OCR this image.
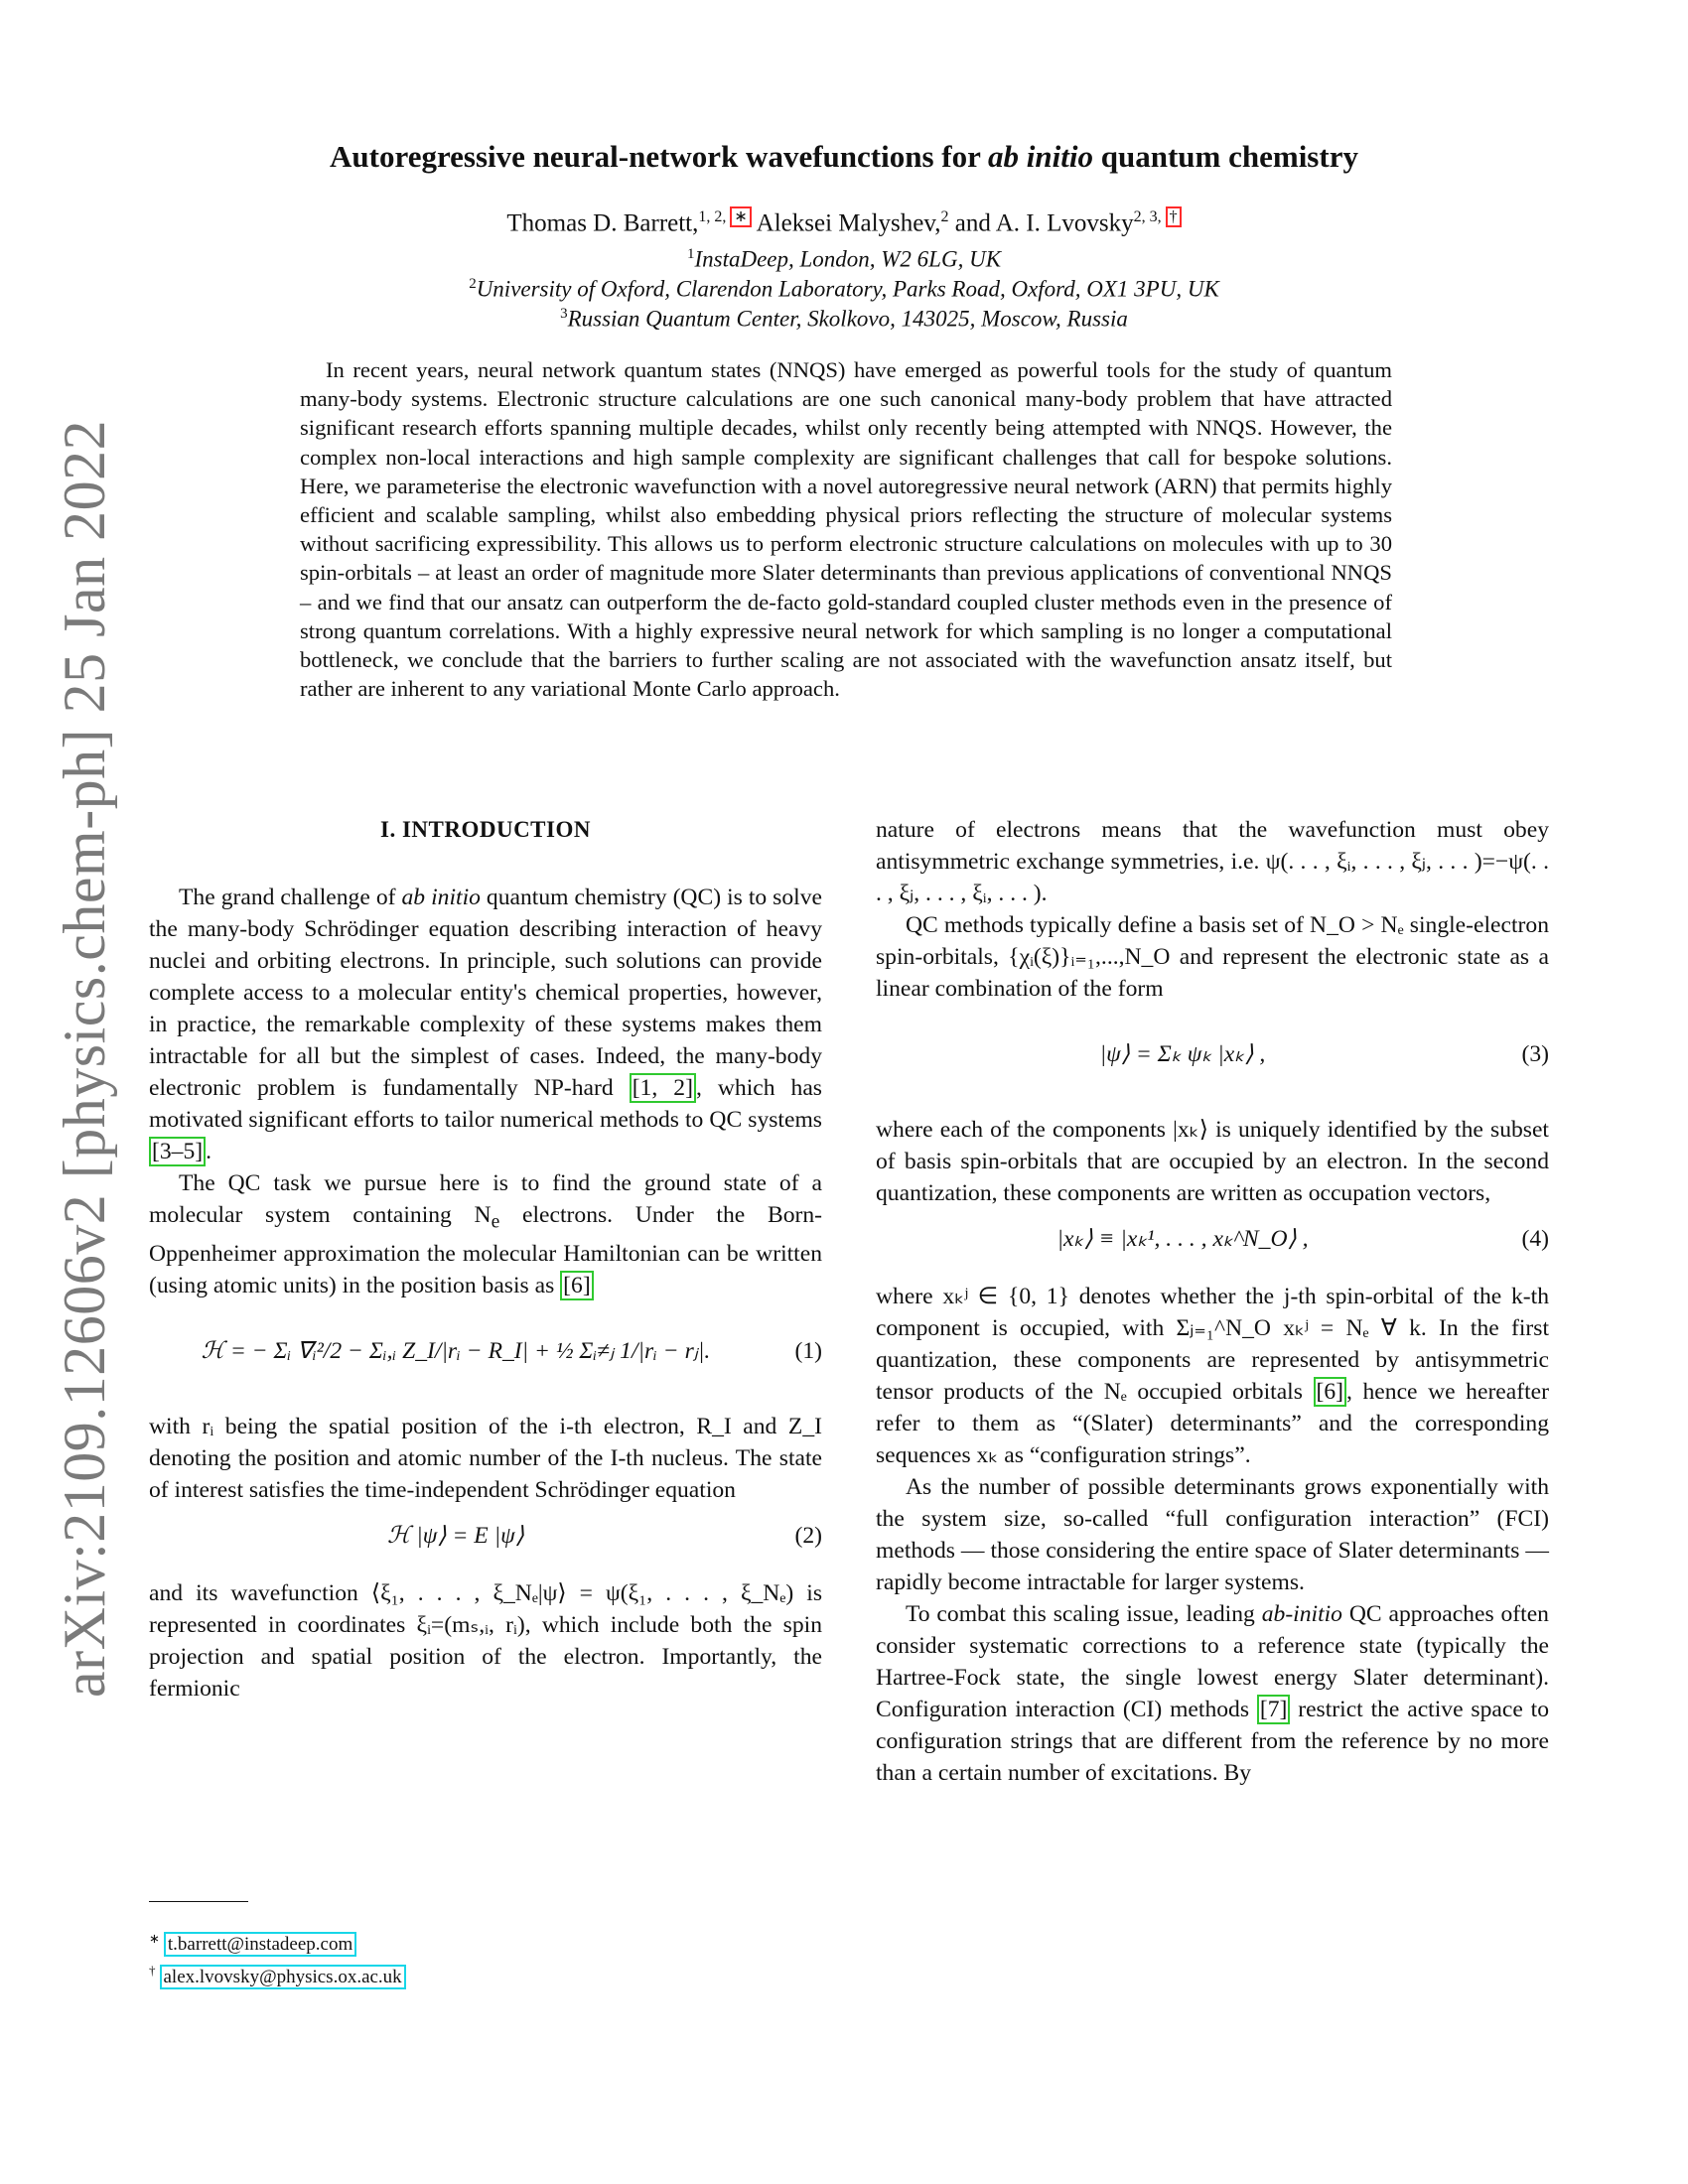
arXiv:2109.12606v2 [physics.chem-ph] 25 Jan 2022
Autoregressive neural-network wavefunctions for ab initio quantum chemistry
Thomas D. Barrett,$^{1, 2,}$ ∗ Aleksei Malyshev,$^2$ and A. I. Lvovsky$^{2, 3,}$ †
$^1$InstaDeep, London, W2 6LG, UK
$^2$University of Oxford, Clarendon Laboratory, Parks Road, Oxford, OX1 3PU, UK
$^3$Russian Quantum Center, Skolkovo, 143025, Moscow, Russia
In recent years, neural network quantum states (NNQS) have emerged as powerful tools for the study of quantum many-body systems. Electronic structure calculations are one such canonical many-body problem that have attracted significant research efforts spanning multiple decades, whilst only recently being attempted with NNQS. However, the complex non-local interactions and high sample complexity are significant challenges that call for bespoke solutions. Here, we parameterise the electronic wavefunction with a novel autoregressive neural network (ARN) that permits highly efficient and scalable sampling, whilst also embedding physical priors reflecting the structure of molecular systems without sacrificing expressibility. This allows us to perform electronic structure calculations on molecules with up to 30 spin-orbitals – at least an order of magnitude more Slater determinants than previous applications of conventional NNQS – and we find that our ansatz can outperform the de-facto gold-standard coupled cluster methods even in the presence of strong quantum correlations. With a highly expressive neural network for which sampling is no longer a computational bottleneck, we conclude that the barriers to further scaling are not associated with the wavefunction ansatz itself, but rather are inherent to any variational Monte Carlo approach.
I. INTRODUCTION

The grand challenge of ab initio quantum chemistry (QC) is to solve the many-body Schrödinger equation describing interaction of heavy nuclei and orbiting electrons. In principle, such solutions can provide complete access to a molecular entity's chemical properties, however, in practice, the remarkable complexity of these systems makes them intractable for all but the simplest of cases. Indeed, the many-body electronic problem is fundamentally NP-hard [1, 2] , which has motivated significant efforts to tailor numerical methods to QC systems [3–5] .

The QC task we pursue here is to find the ground state of a molecular system containing $N_e$ electrons. Under the Born-Oppenheimer approximation the molecular Hamiltonian can be written (using atomic units) in the position basis as [6]

ℋ = − Σᵢ ∇ᵢ²/2 − Σᵢ,ᵢ Z_I/|rᵢ − R_I| + ½ Σᵢ≠ⱼ 1/|rᵢ − rⱼ|.	(1)

with rᵢ being the spatial position of the i-th electron, R_I and Z_I denoting the position and atomic number of the I-th nucleus. The state of interest satisfies the time-independent Schrödinger equation

ℋ |ψ⟩ = E |ψ⟩	(2)

and its wavefunction ⟨ξ₁, . . . , ξ_Nₑ|ψ⟩ = ψ(ξ₁, . . . , ξ_Nₑ) is represented in coordinates ξᵢ=(mₛ,ᵢ, rᵢ), which include both the spin projection and spatial position of the electron. Importantly, the fermionic

nature of electrons means that the wavefunction must obey antisymmetric exchange symmetries, i.e. ψ(. . . , ξᵢ, . . . , ξⱼ, . . . )=−ψ(. . . , ξⱼ, . . . , ξᵢ, . . . ).

QC methods typically define a basis set of N_O > Nₑ single-electron spin-orbitals, {χᵢ(ξ)}ᵢ₌₁,...,N_O and represent the electronic state as a linear combination of the form

|ψ⟩ = Σₖ ψₖ |xₖ⟩ ,	(3)

where each of the components |xₖ⟩ is uniquely identified by the subset of basis spin-orbitals that are occupied by an electron. In the second quantization, these components are written as occupation vectors,

|xₖ⟩ ≡ |xₖ¹, . . . , xₖ^N_O⟩ ,	(4)

where xₖʲ ∈ {0, 1} denotes whether the j-th spin-orbital of the k-th component is occupied, with Σⱼ₌₁^N_O xₖʲ = Nₑ ∀ k. In the first quantization, these components are represented by antisymmetric tensor products of the Nₑ occupied orbitals [6] , hence we hereafter refer to them as “(Slater) determinants” and the corresponding sequences xₖ as “configuration strings”.

As the number of possible determinants grows exponentially with the system size, so-called “full configuration interaction” (FCI) methods — those considering the entire space of Slater determinants — rapidly become intractable for larger systems.

To combat this scaling issue, leading ab-initio QC approaches often consider systematic corrections to a reference state (typically the Hartree-Fock state, the single lowest energy Slater determinant). Configuration interaction (CI) methods [7] restrict the active space to configuration strings that are different from the reference by no more than a certain number of excitations. By

∗ t.barrett@instadeep.com
† alex.lvovsky@physics.ox.ac.uk
